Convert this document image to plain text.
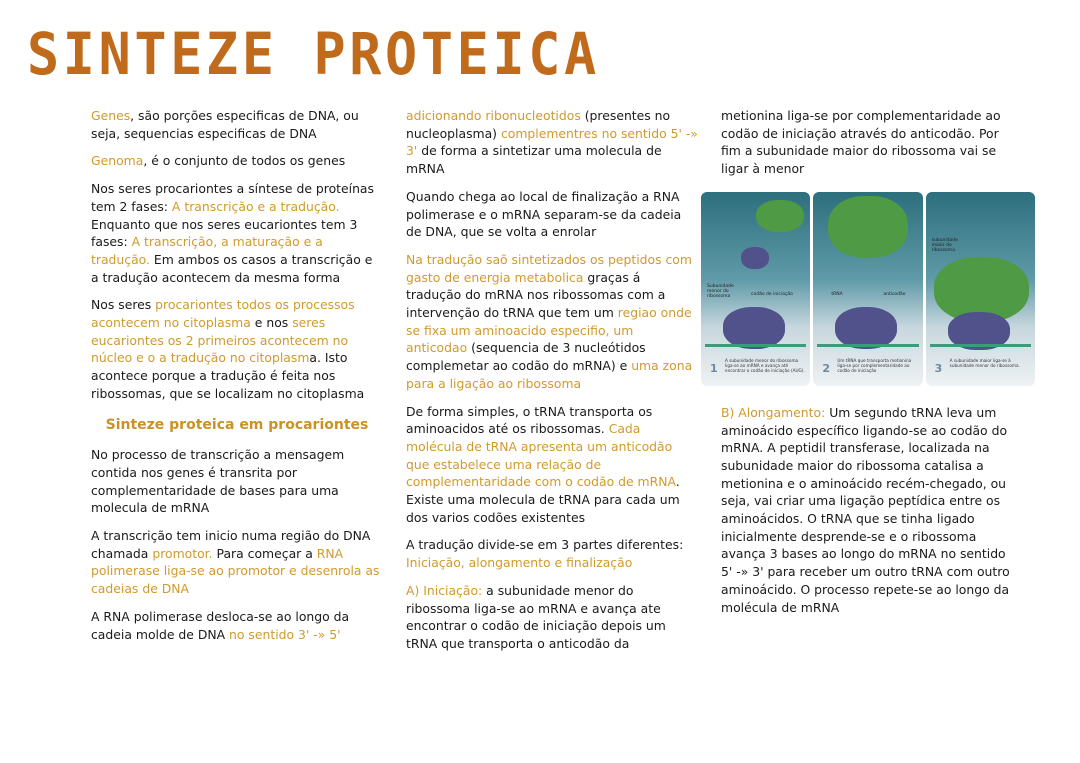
SINTEZE PROTEICA

Genes, são porções especificas de DNA, ou seja, sequencias especificas de DNA

Genoma, é o conjunto de todos os genes

Nos seres procariontes a síntese de proteínas tem 2 fases: A transcrição e a tradução. Enquanto que nos seres eucariontes tem 3 fases: A transcrição, a maturação e a tradução. Em ambos os casos a transcrição e a tradução acontecem da mesma forma

Nos seres procariontes todos os processos acontecem no citoplasma e nos seres eucariontes os 2 primeiros acontecem no núcleo e o a tradução no citoplasma. Isto acontece porque a tradução é feita nos ribossomas, que se localizam no citoplasma

Sinteze proteica em procariontes

No processo de transcrição a mensagem contida nos genes é transrita por complementaridade de bases para uma molecula de mRNA

A transcrição tem inicio numa região do DNA chamada promotor. Para começar a RNA polimerase liga-se ao promotor e desenrola as cadeias de DNA

A RNA polimerase desloca-se ao longo da cadeia molde de DNA no sentido 3' -» 5'

adicionando ribonucleotidos (presentes no nucleoplasma) complementres no sentido 5' -» 3' de forma a sintetizar uma molecula de mRNA

Quando chega ao local de finalização a RNA polimerase e o mRNA separam-se da cadeia de DNA, que se volta a enrolar

Na tradução saõ sintetizados os peptidos com gasto de energia metabolica graças á tradução do mRNA nos ribossomas com a intervenção do tRNA que tem um regiao onde se fixa um aminoacido especifio, um anticodao (sequencia de 3 nucleótidos complemetar ao codão do mRNA) e uma zona para a ligação ao ribossoma

De forma simples, o tRNA transporta os aminoacidos até os ribossomas. Cada molécula de tRNA apresenta um anticodão que estabelece uma relação de complementaridade com o codão de mRNA. Existe uma molecula de tRNA para cada um dos varios codões existentes

A tradução divide-se em 3 partes diferentes: Iniciação, alongamento e finalização

A) Iniciação: a subunidade menor do ribossoma liga-se ao mRNA e avança ate encontrar o codão de iniciação depois um tRNA que transporta o anticodão da

metionina liga-se por complementaridade ao codão de iniciação através do anticodão. Por fim a subunidade maior do ribossoma vai se ligar à menor

Subunidade menor do ribossoma	codão de iniciação
1
A subunidade menor do ribossoma liga-se ao mRNA e avança até encontrar o codão de iniciação (AUG).
tRNA	anticodão
2
Um tRNA que transporta metionina liga-se por complementaridade ao codão de iniciação
subunidade maior do ribossoma
3
A subunidade maior liga-se à subunidade menor do ribossoma.

B) Alongamento: Um segundo tRNA leva um aminoácido específico ligando-se ao codão do mRNA. A peptidil transferase, localizada na subunidade maior do ribossoma catalisa a metionina e o aminoácido recém-chegado, ou seja, vai criar uma ligação peptídica entre os aminoácidos. O tRNA que se tinha ligado inicialmente desprende-se e o ribossoma avança 3 bases ao longo do mRNA no sentido 5' -» 3' para receber um outro tRNA com outro aminoácido. O processo repete-se ao longo da molécula de mRNA
